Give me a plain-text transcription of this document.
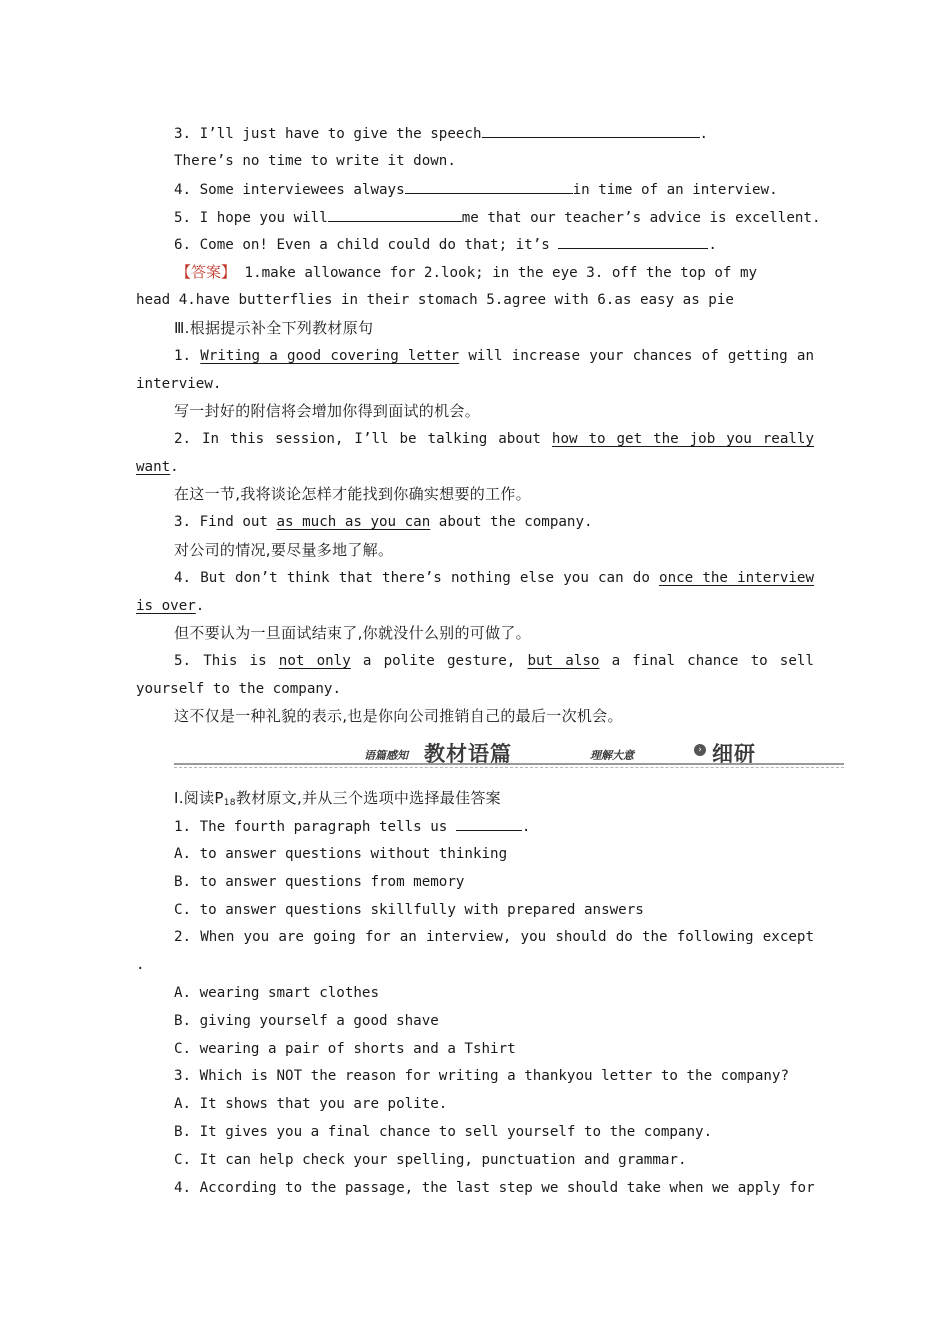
3. I’ll just have to give the speech	.
There’s no time to write it down.
4. Some interviewees always	in time of an interview.
5. I hope you will	me that our teacher’s advice is excellent.
6. Come on! Even a child could do that; it’s	.
【答案】 1.make allowance for 2.look; in the eye 3. off the top of my
head 4.have butterflies in their stomach 5.agree with 6.as easy as pie
Ⅲ.根据提示补全下列教材原句
1. Writing a good covering letter will increase your chances of getting an
interview.
写一封好的附信将会增加你得到面试的机会。
2. In this session, I’ll be talking about how to get the job you really
want.
在这一节,我将谈论怎样才能找到你确实想要的工作。
3. Find out as much as you can about the company.
对公司的情况,要尽量多地了解。
4. But don’t think that there’s nothing else you can do once the interview
is over.
但不要认为一旦面试结束了,你就没什么别的可做了。
5. This is not only a polite gesture, but also a final chance to sell
yourself to the company.
这不仅是一种礼貌的表示,也是你向公司推销自己的最后一次机会。
语篇感知 教材语篇	› 细研
理解大意
Ⅰ.阅读$P_{18}$教材原文,并从三个选项中选择最佳答案
1. The fourth paragraph tells us	.
A. to answer questions without thinking
B. to answer questions from memory
C. to answer questions skillfully with prepared answers
2. When you are going for an interview, you should do the following except
.
A. wearing smart clothes
B. giving yourself a good shave
C. wearing a pair of shorts and a Tshirt
3. Which is NOT the reason for writing a thankyou letter to the company?
A. It shows that you are polite.
B. It gives you a final chance to sell yourself to the company.
C. It can help check your spelling, punctuation and grammar.
4. According to the passage, the last step we should take when we apply for
